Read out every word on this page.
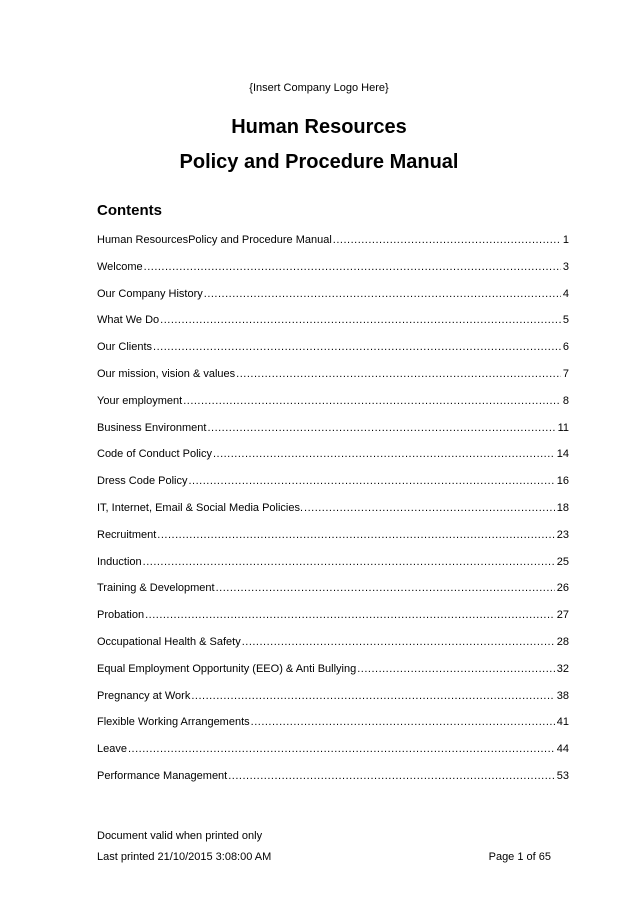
{Insert Company Logo Here}
Human Resources
Policy and Procedure Manual
Contents
Human ResourcesPolicy and Procedure Manual .....	1
Welcome .....	3
Our Company History .....	4
What We Do .....	5
Our Clients .....	6
Our mission, vision & values .....	7
Your employment .....	8
Business Environment .....	11
Code of Conduct Policy .....	14
Dress Code Policy .....	16
IT, Internet, Email & Social Media Policies. .....	18
Recruitment .....	23
Induction .....	25
Training & Development .....	26
Probation .....	27
Occupational Health & Safety .....	28
Equal Employment Opportunity (EEO) & Anti Bullying .....	32
Pregnancy at Work .....	38
Flexible Working Arrangements .....	41
Leave .....	44
Performance Management .....	53
Document valid when printed only
Last printed 21/10/2015 3:08:00 AM	Page 1 of 65
